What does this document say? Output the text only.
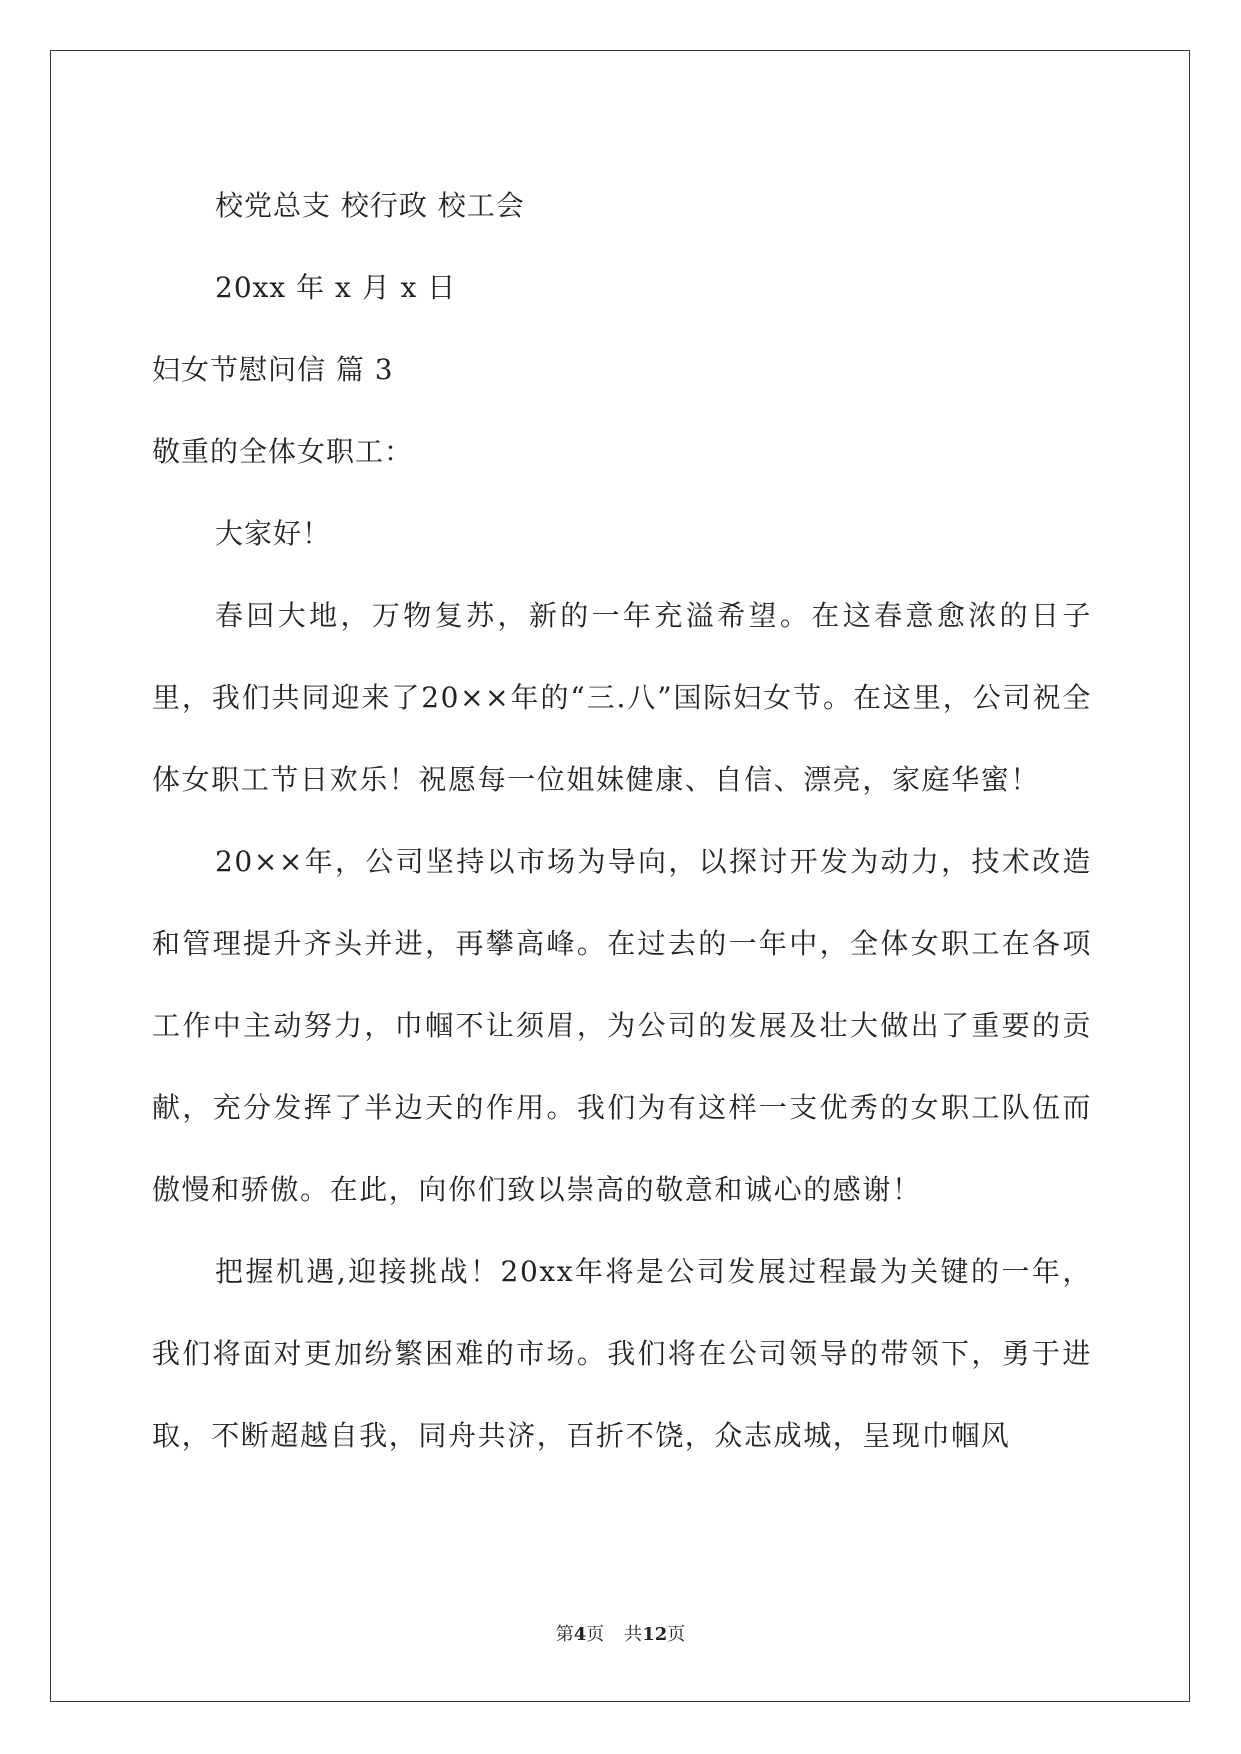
校党总支 校行政 校工会
20xx 年 x 月 x 日
妇女节慰问信 篇 3
敬重的全体女职工：
大家好！

春回大地，万物复苏，新的一年充溢希望。在这春意愈浓的日子里，我们共同迎来了20××年的“三.八”国际妇女节。在这里，公司祝全体女职工节日欢乐！祝愿每一位姐妹健康、自信、漂亮，家庭华蜜！

20××年，公司坚持以市场为导向，以探讨开发为动力，技术改造和管理提升齐头并进，再攀高峰。在过去的一年中，全体女职工在各项工作中主动努力，巾帼不让须眉，为公司的发展及壮大做出了重要的贡献，充分发挥了半边天的作用。我们为有这样一支优秀的女职工队伍而傲慢和骄傲。在此，向你们致以崇高的敬意和诚心的感谢！

把握机遇,迎接挑战！20xx年将是公司发展过程最为关键的一年，我们将面对更加纷繁困难的市场。我们将在公司领导的带领下，勇于进取，不断超越自我，同舟共济，百折不饶，众志成城，呈现巾帼风

第4页 共12页
